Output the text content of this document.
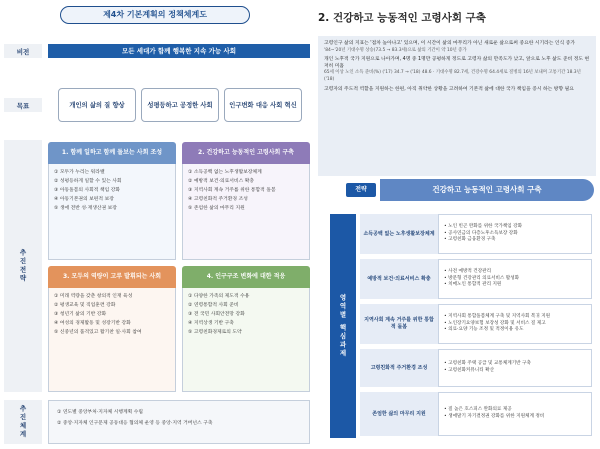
제4차 기본계획의 정책체계도
비전	모든 세대가 함께 행복한 지속 가능 사회
목표	개인의 삶의 질 향상	성평등하고 공정한 사회	인구변화 대응 사회 혁신
추진전략
1. 함께 일하고 함께 돌보는 사회 조성
① 모두가 누리는 워라밸
② 성평등하게 일할 수 있는 사회
③ 아동돌봄의 사회적 책임 강화
④ 아동기본권의 보편적 보장
⑤ 생애 전반 성·재생산권 보장
2. 건강하고 능동적인 고령사회 구축
① 소득공백 없는 노후생활보장체계
② 예방적 보건·의료서비스 확충
③ 지역사회 계속 거주를 위한 통합적 돌봄
④ 고령친화적 주거환경 조성
⑤ 존엄한 삶의 마무리 지원
3. 모두의 역량이 고루 발휘되는 사회
① 미래 역량을 갖춘 창의적 인재 육성
② 평생교육 및 직업훈련 강화
③ 청년기 삶의 기반 강화
④ 여성의 경제활동 및 성장기반 강화
⑤ 신중년의 품격있고 활기찬 일·사회 참여
4. 인구구조 변화에 대한 적응
① 다양한 가족의 제도적 수용
② 연령통합적 사회 준비
③ 전 국민 사회안전망 강화
④ 지역상생 기반 구축
⑤ 고령친화경제로의 도약
추진체계	① 연도별 중앙부처·지자체 시행계획 수립
② 중앙·지자체 인구문제 공동대응 협의체 운영 등 중앙·지역 거버넌스 구축
2. 건강하고 능동적인 고령사회 구축
고령인구 삶의 지표는 '점차 높아나고' 있으며, 이 시간이 삶의 마무리가 아닌 새로운 삶으로써 중요한 시기라는 인식 증가
'84~'20년 기대수명 상승(73.5 → 83.3세)으로 삶의 기간이 약 10년 증가
개인 노후적 국가 지원으로 나아가며, 4명 중 1명만 공평하게 정도로 고령자 삶의 만족도가 낮고, 앞으로 노후 삶도 준비 정도 현저히 미흡
65세 이상 노인 소득 준비(%) ('17) 34.7 → ('18) 48.6 · 기대수명 82.7세, 건강수명 64.4세로 질병의 16년 보내며 고통기간 18.3년('18)
고령자의 주도적 역할을 지원하는 한편, 아직 취약한 상황을 고려하여 기본적 삶에 대한 국가 책임을 증시 하는 방향 필요
전략	건강하고 능동적인 고령사회 구축
영역별 핵심과제
소득공백 없는 노후생활보장체계
• 노인 빈곤 완화를 위한 국가책임 강화
• 공사연금의 다층노후소득보장 강화
• 고령친화 금융환경 구축
예방적 보건·의료서비스 확충
• 사전 예방적 건강관리
• 방문형 건강관리 의료서비스 활성화
• 치매노인 통합적 관리 지원
지역사회 계속 거주를 위한 통합적 돌봄
• 지역사회 통합돌봄체계 구축 및 지역사회 복귀 지원
• 노인장기요양보험 보장성 강화 및 서비스 질 제고
• 의료·요양 기능 조정 및 적정이용 유도
고령친화적 주거환경 조성
• 고령친화 주택 공급 및 교통체계기반 구축
• 고령친화커뮤니티 확산
존엄한 삶의 마무리 지원
• 질 높은 호스피스 완화의료 제공
• 생애말기 자기결정권 강화를 위한 지원체계 정비
